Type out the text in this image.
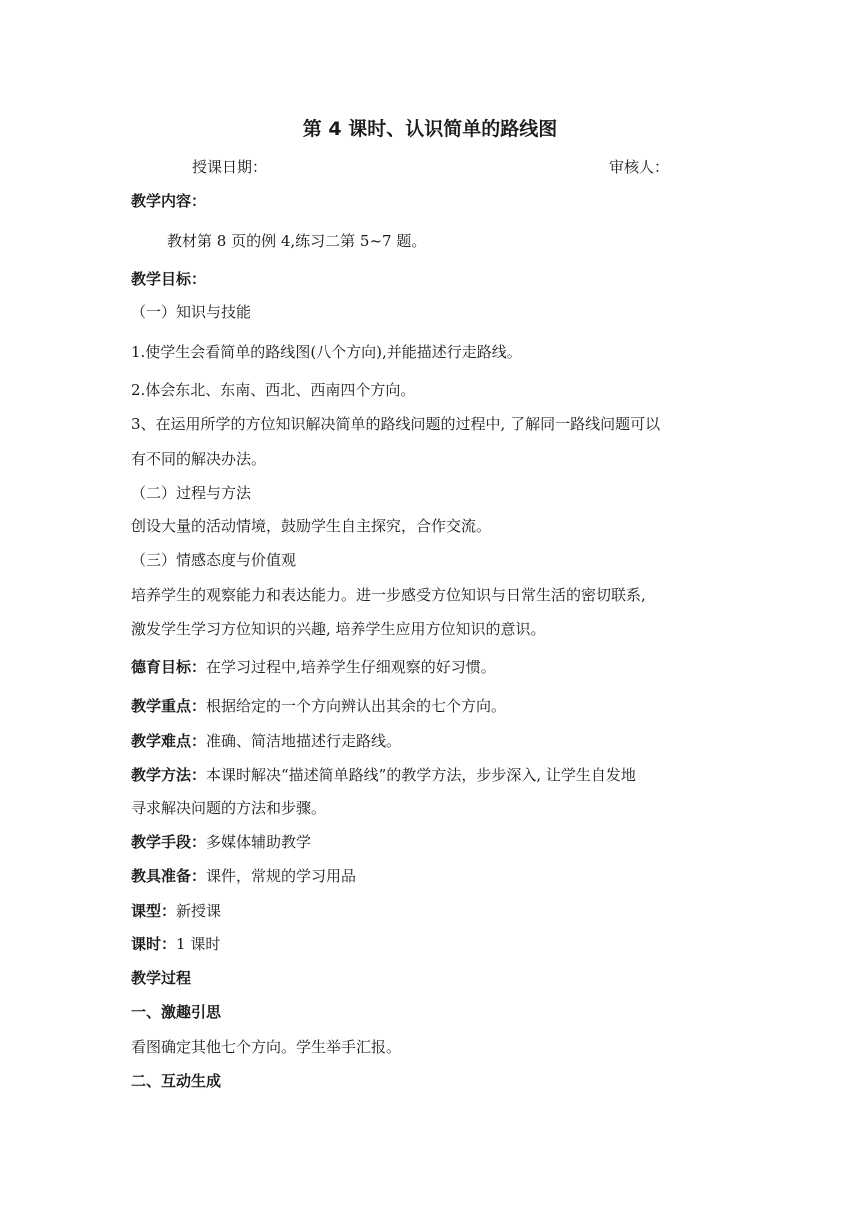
第 4 课时、认识简单的路线图
授课日期：	审核人：
教学内容：
教材第 8 页的例 4,练习二第 5~7 题。
教学目标：
（一）知识与技能
1.使学生会看简单的路线图(八个方向),并能描述行走路线。
2.体会东北、东南、西北、西南四个方向。
3、在运用所学的方位知识解决简单的路线问题的过程中, 了解同一路线问题可以
有不同的解决办法。
（二）过程与方法
创设大量的活动情境，鼓励学生自主探究，合作交流。
（三）情感态度与价值观
培养学生的观察能力和表达能力。进一步感受方位知识与日常生活的密切联系,
激发学生学习方位知识的兴趣, 培养学生应用方位知识的意识。
德育目标：在学习过程中,培养学生仔细观察的好习惯。
教学重点：根据给定的一个方向辨认出其余的七个方向。
教学难点：准确、简洁地描述行走路线。
教学方法：本课时解决“描述简单路线”的教学方法，步步深入, 让学生自发地
寻求解决问题的方法和步骤。
教学手段：多媒体辅助教学
教具准备：课件，常规的学习用品
课型：新授课
课时：1 课时
教学过程
一、激趣引思
看图确定其他七个方向。学生举手汇报。
二、互动生成
